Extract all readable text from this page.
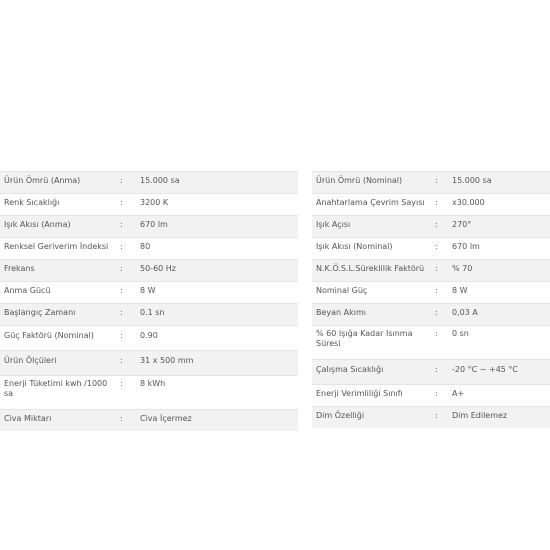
Ürün Ömrü (Anma)	:	15.000 sa
Renk Sıcaklığı	:	3200 K
Işık Akısı (Anma)	:	670 lm
Renksel Geriverim İndeksi	:	80
Frekans	:	50-60 Hz
Anma Gücü	:	8 W
Başlangıç Zamanı	:	0.1 sn
Güç Faktörü (Nominal)	:	0.90
Ürün Ölçüleri	:	31 x 500 mm
Enerji Tüketimi kwh /1000 sa	:	8 kWh
Civa Miktarı	:	Civa İçermez
Ürün Ömrü (Nominal)	:	15.000 sa
Anahtarlama Çevrim Sayısı	:	x30.000
Işık Açısı	:	270°
Işık Akısı (Nominal)	:	670 lm
N.K.Ö.S.L.Süreklilik Faktörü	:	% 70
Nominal Güç	:	8 W
Beyan Akımı	:	0,03 A
% 60 Işığa Kadar Isınma Süresi	:	0 sn
Çalışma Sıcaklığı	:	-20 °C ~ +45 °C
Enerji Verimliliği Sınıfı	:	A+
Dim Özelliği	:	Dim Edilemez
